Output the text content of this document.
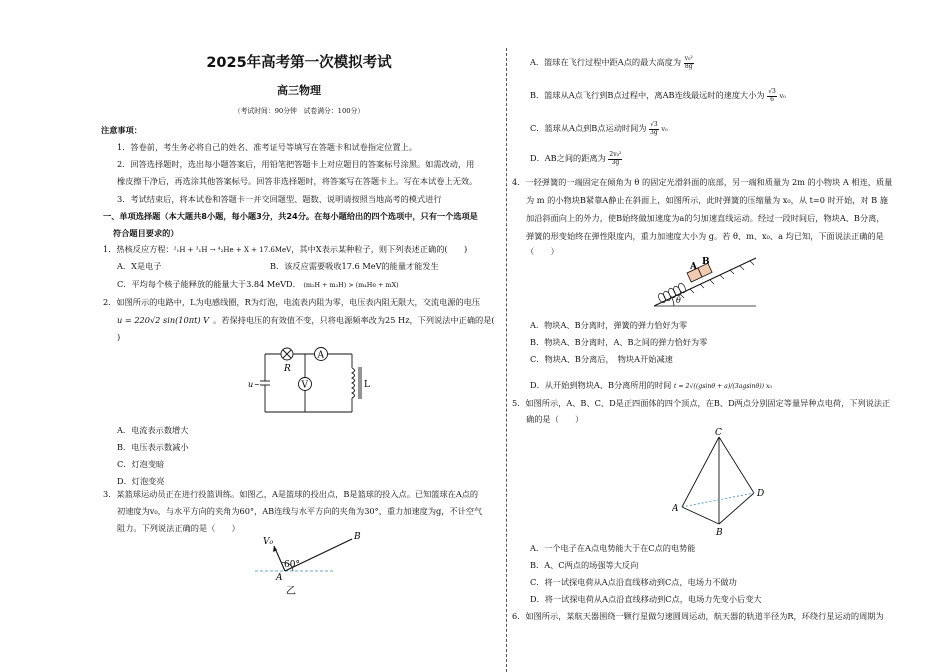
2025年高考第一次模拟考试
高三物理
（考试时间：90分钟　试卷满分：100分）
注意事项：
1．答卷前，考生务必将自己的姓名、准考证号等填写在答题卡和试卷指定位置上。
2．回答选择题时，选出每小题答案后，用铅笔把答题卡上对应题目的答案标号涂黑。如需改动，用
橡皮擦干净后，再选涂其他答案标号。回答非选择题时，将答案写在答题卡上。写在本试卷上无效。
3．考试结束后，将本试卷和答题卡一并交回题型、题数、说明请按照当地高考的模式进行
一、单项选择题（本大题共8小题，每小题3分，共24分。在每小题给出的四个选项中，只有一个选项是
符合题目要求的）
1．热核反应方程：²₁H + ³₁H → ⁴₂He + X + 17.6MeV，其中X表示某种粒子，则下列表述正确的(　　)
A．X是电子	B．该反应需要吸收17.6 MeV的能量才能发生
C．平均每个核子能释放的能量大于3.84 MeVD． (m₂H + m₃H) > (m₄He + mX)
2．如图所示的电路中，L为电感线圈，R为灯泡，电流表内阻为零，电压表内阻无限大，交流电源的电压
u = 220√2 sin(10πt) V 。若保持电压的有效值不变，只将电源频率改为25 Hz，下列说法中正确的是(
)
R
A
V
u ~	L
A．电流表示数增大
B．电压表示数减小
C．灯泡变暗
D．灯泡变亮
3．某篮球运动员正在进行投篮训练。如图乙，A是篮球的投出点，B是篮球的投入点。已知篮球在A点的
初速度为v₀，与水平方向的夹角为60°，AB连线与水平方向的夹角为30°，重力加速度为g，不计空气
阻力。下列说法正确的是（　　）
V₀
60°
A
B
乙
A．篮球在飞行过程中距A点的最大高度为 $\frac{\text{v₀²}}{8g}$
B．篮球从A点飞行到B点过程中，离AB连线最远时的速度大小为 $\frac{√3}{6} v_0$
C．篮球从A点到B点运动时间为 $\frac{√3}{3g} v_0$
D．AB之间的距离为 $\frac{\text{2v₀²}}{3g}$
4．一轻弹簧的一端固定在倾角为 θ 的固定光滑斜面的底部，另一端和质量为 2m 的小物块 A 相连，质量
为 m 的小物块B紧靠A静止在斜面上，如图所示，此时弹簧的压缩量为 x₀，从 t=0 时开始，对 B 施
加沿斜面向上的外力，使B始终做加速度为a的匀加速直线运动。经过一段时间后，物块A、B分离，
弹簧的形变始终在弹性限度内，重力加速度大小为 g。若 θ、m、x₀、a 均已知，下面说法正确的是
（　　）
A B
θ
A．物块A、B分离时，弹簧的弹力恰好为零
B．物块A、B分离时，A、B之间的弹力恰好为零
C．物块A、B分离后，　物块A开始减速
D．从开始到物块A、B分离所用的时间 t = 2√((gsinθ + a)/(3agsinθ)) x₀
5．如图所示，A、B、C、D是正四面体的四个顶点，在B、D两点分别固定等量异种点电荷，下列说法正
确的是（　　）
C
A
B
D
A．一个电子在A点电势能大于在C点的电势能
B．A、C两点的场强等大反向
C．将一试探电荷从A点沿直线移动到C点，电场力不做功
D．将一试探电荷从A点沿直线移动到C点，电场力先变小后变大
6．如图所示，某航天器围绕一颗行星做匀速圆周运动，航天器的轨道半径为R，环绕行星运动的周期为
